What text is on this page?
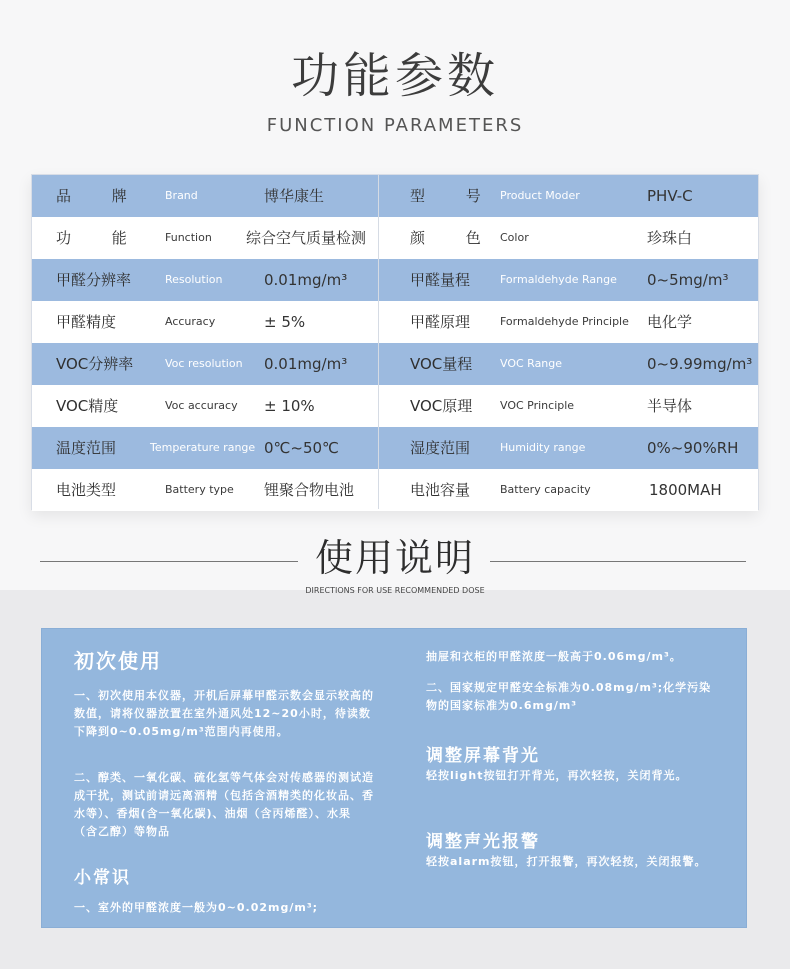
功能参数
FUNCTION PARAMETERS
品 牌 Brand	博华康生	型 号 Product Moder	PHV-C
功 能 Function 综合空气质量检测	颜 色 Color	珍珠白
甲醛分辨率	Resolution	0.01mg/m³	甲醛量程	Formaldehyde Range 0~5mg/m³
甲醛精度	Accuracy	± 5%	甲醛原理	Formaldehyde Principle 电化学
VOC分辨率	Voc resolution 0.01mg/m³	VOC量程	VOC Range	0~9.99mg/m³
VOC精度	Voc accuracy ± 10%	VOC原理	VOC Principle	半导体
温度范围	Temperature range 0℃~50℃	湿度范围	Humidity range	0%~90%RH
电池类型	Battery type 锂聚合物电池	电池容量	Battery capacity	1800MAH
使用说明
DIRECTIONS FOR USE RECOMMENDED DOSE
初次使用
一、初次使用本仪器，开机后屏幕甲醛示数会显示较高的数值，请将仪器放置在室外通风处12~20小时，待读数下降到0~0.05mg/m³范围内再使用。
二、醇类、一氧化碳、硫化氢等气体会对传感器的测试造成干扰，测试前请远离酒精（包括含酒精类的化妆品、香水等）、香烟(含一氧化碳)、油烟（含丙烯醛）、水果（含乙醇）等物品
小常识
一、室外的甲醛浓度一般为0~0.02mg/m³;
抽屉和衣柜的甲醛浓度一般高于0.06mg/m³。
二、国家规定甲醛安全标准为0.08mg/m³;化学污染物的国家标准为0.6mg/m³
调整屏幕背光
轻按light按钮打开背光，再次轻按，关闭背光。
调整声光报警
轻按alarm按钮，打开报警，再次轻按，关闭报警。
